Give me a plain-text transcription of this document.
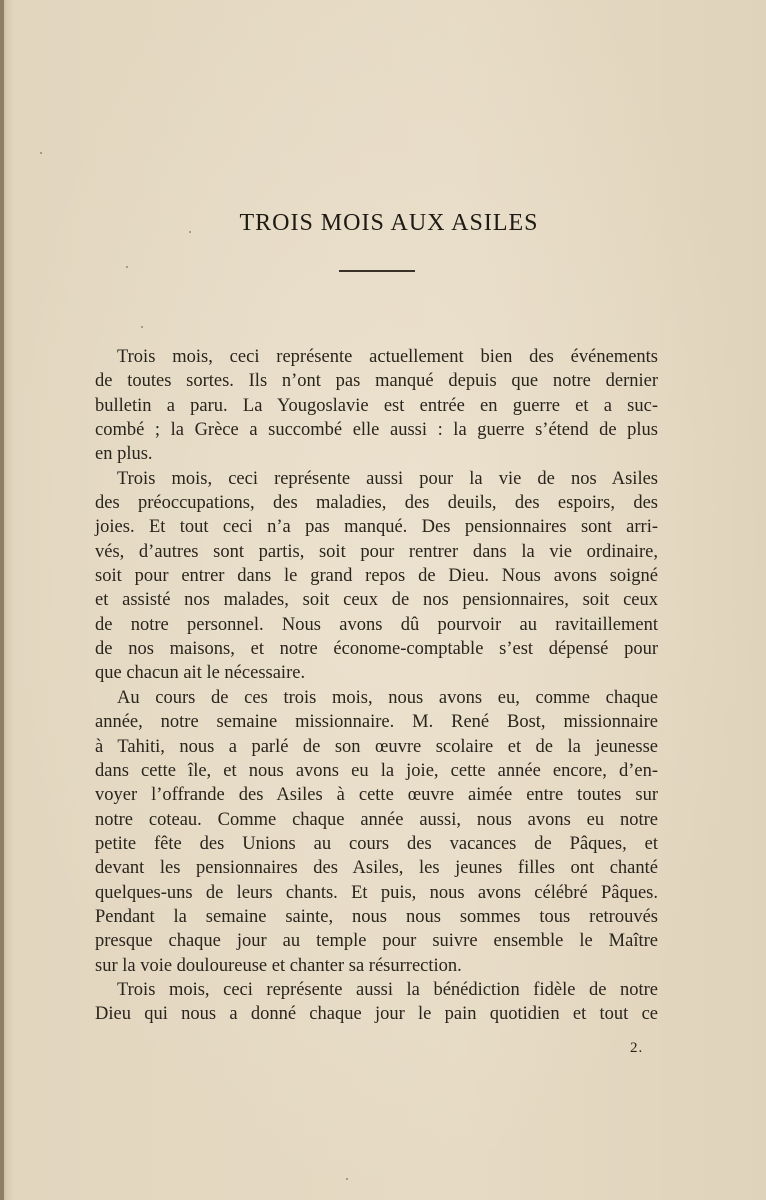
TROIS MOIS AUX ASILES
Trois mois, ceci représente actuellement bien des événements
de toutes sortes. Ils n’ont pas manqué depuis que notre dernier
bulletin a paru. La Yougoslavie est entrée en guerre et a suc-
combé ; la Grèce a succombé elle aussi : la guerre s’étend de plus
en plus.
Trois mois, ceci représente aussi pour la vie de nos Asiles
des préoccupations, des maladies, des deuils, des espoirs, des
joies. Et tout ceci n’a pas manqué. Des pensionnaires sont arri-
vés, d’autres sont partis, soit pour rentrer dans la vie ordinaire,
soit pour entrer dans le grand repos de Dieu. Nous avons soigné
et assisté nos malades, soit ceux de nos pensionnaires, soit ceux
de notre personnel. Nous avons dû pourvoir au ravitaillement
de nos maisons, et notre économe-comptable s’est dépensé pour
que chacun ait le nécessaire.
Au cours de ces trois mois, nous avons eu, comme chaque
année, notre semaine missionnaire. M. René Bost, missionnaire
à Tahiti, nous a parlé de son œuvre scolaire et de la jeunesse
dans cette île, et nous avons eu la joie, cette année encore, d’en-
voyer l’offrande des Asiles à cette œuvre aimée entre toutes sur
notre coteau. Comme chaque année aussi, nous avons eu notre
petite fête des Unions au cours des vacances de Pâques, et
devant les pensionnaires des Asiles, les jeunes filles ont chanté
quelques-uns de leurs chants. Et puis, nous avons célébré Pâques.
Pendant la semaine sainte, nous nous sommes tous retrouvés
presque chaque jour au temple pour suivre ensemble le Maître
sur la voie douloureuse et chanter sa résurrection.
Trois mois, ceci représente aussi la bénédiction fidèle de notre
Dieu qui nous a donné chaque jour le pain quotidien et tout ce
2.
